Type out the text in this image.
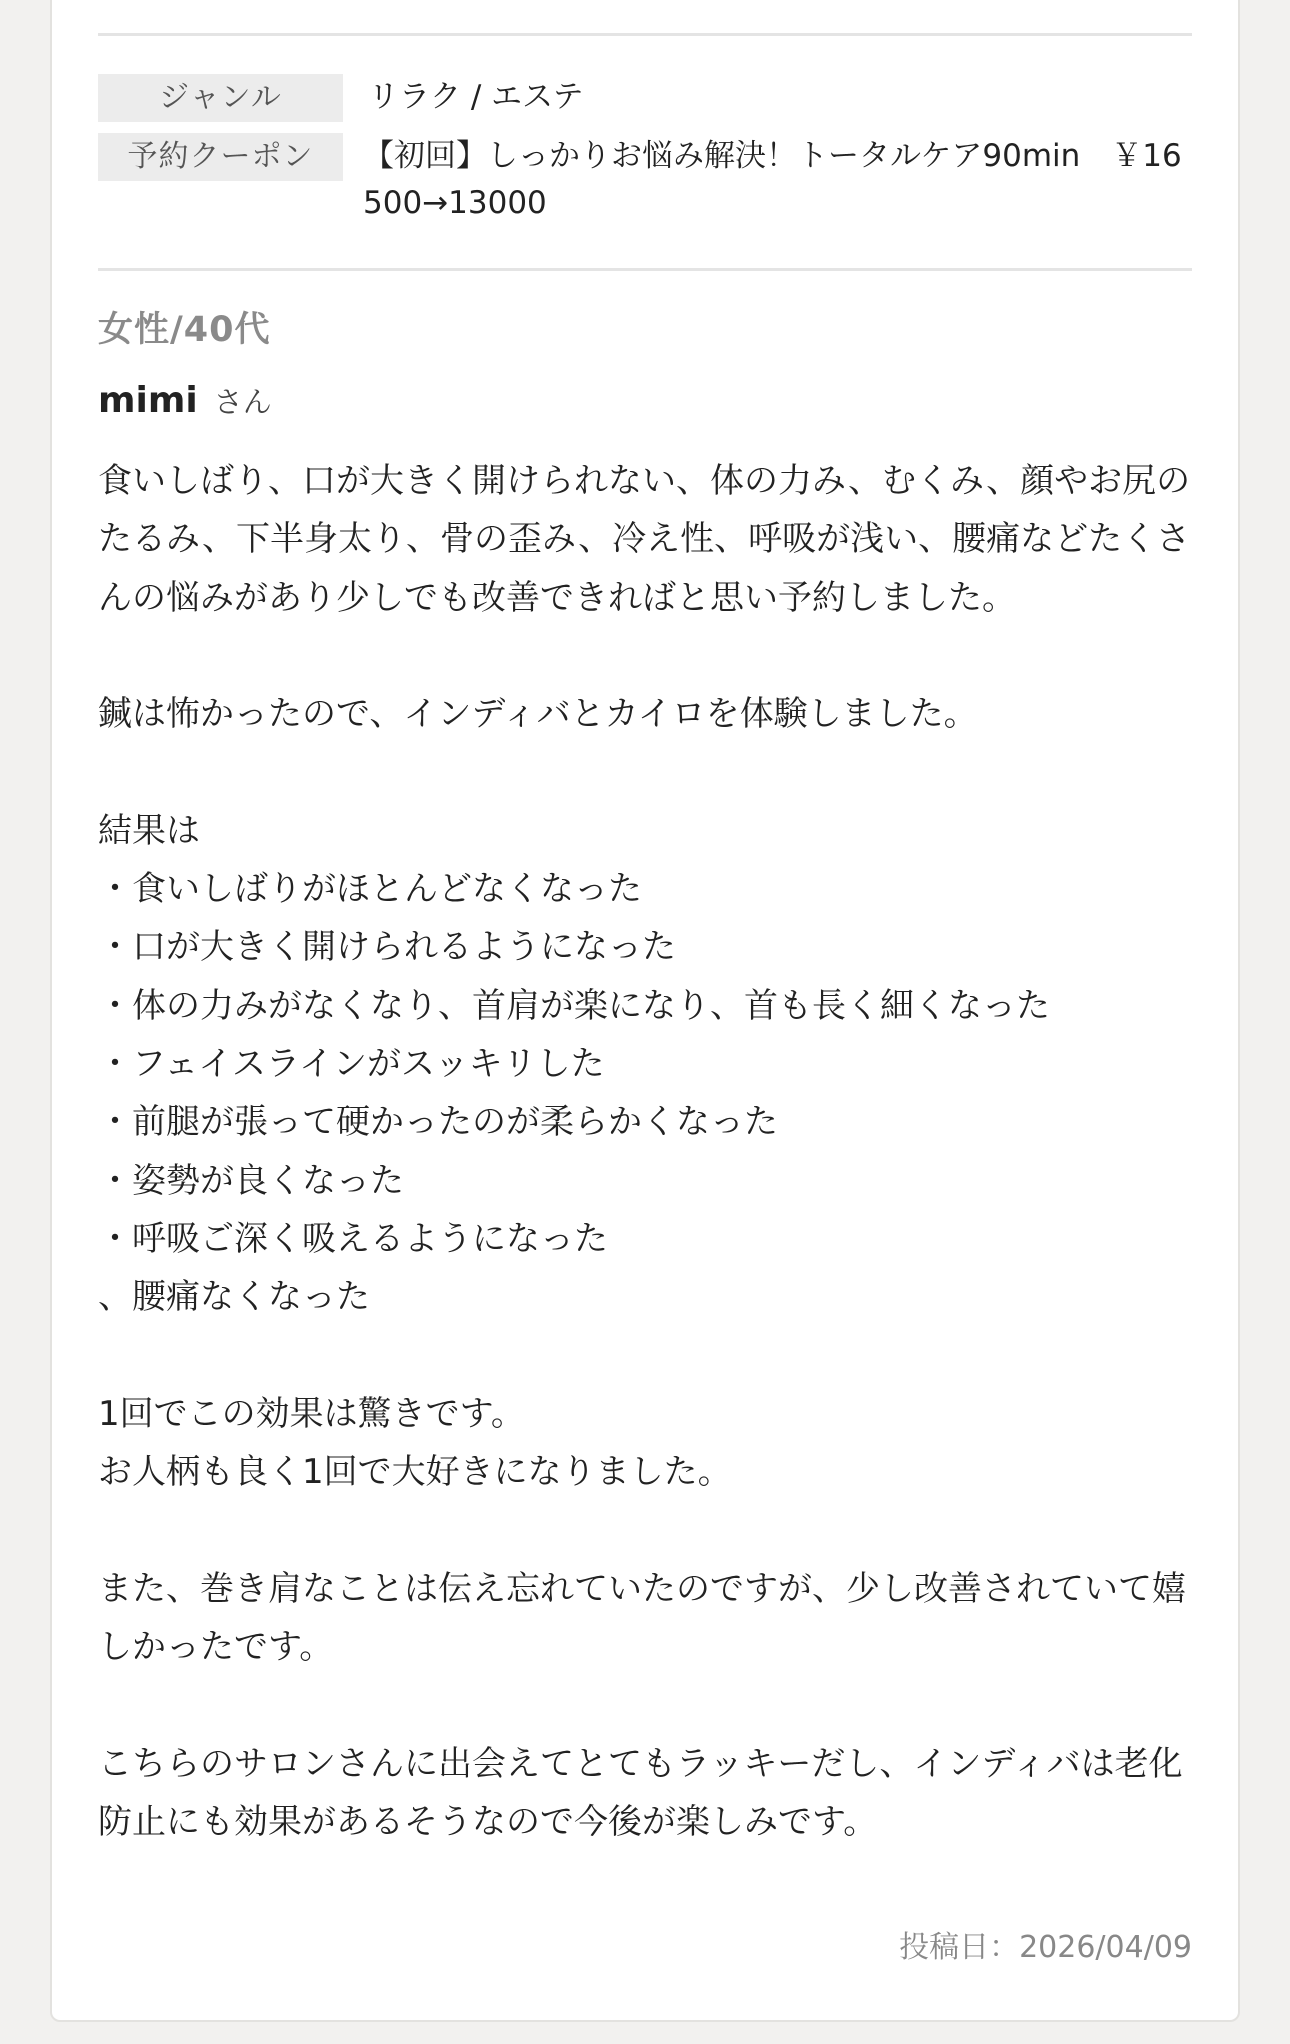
ジャンル	リラク / エステ
予約クーポン	【初回】しっかりお悩み解決！トータルケア90min　￥16500→13000
女性/40代
mimi さん

食いしばり、口が大きく開けられない、体の力み、むくみ、顔やお尻のたるみ、下半身太り、骨の歪み、冷え性、呼吸が浅い、腰痛などたくさんの悩みがあり少しでも改善できればと思い予約しました。

鍼は怖かったので、インディバとカイロを体験しました。

結果は
・食いしばりがほとんどなくなった
・口が大きく開けられるようになった
・体の力みがなくなり、首肩が楽になり、首も長く細くなった
・フェイスラインがスッキリした
・前腿が張って硬かったのが柔らかくなった
・姿勢が良くなった
・呼吸ご深く吸えるようになった
、腰痛なくなった

1回でこの効果は驚きです。
お人柄も良く1回で大好きになりました。

また、巻き肩なことは伝え忘れていたのですが、少し改善されていて嬉しかったです。

こちらのサロンさんに出会えてとてもラッキーだし、インディバは老化防止にも効果があるそうなので今後が楽しみです。

投稿日：2026/04/09
